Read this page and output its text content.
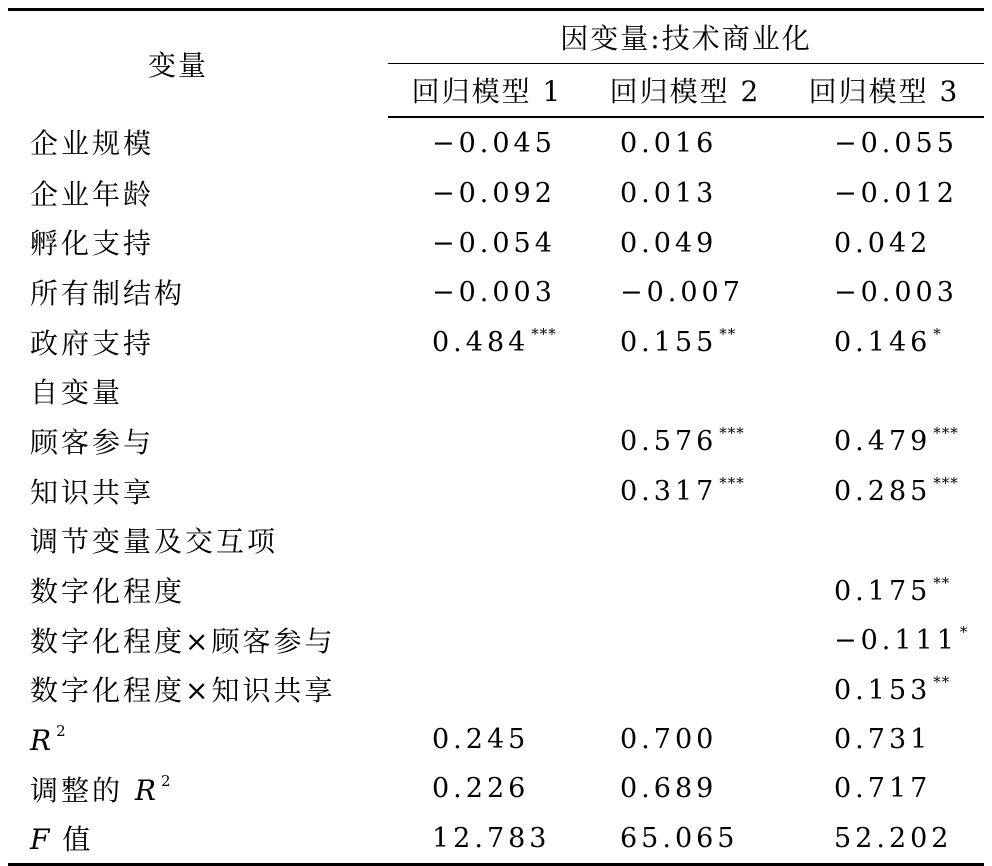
变量	因变量:技术商业化		
	回归模型 1	回归模型 2	回归模型 3
企业规模	−0.045	0.016	−0.055
企业年龄	−0.092	0.013	−0.012
孵化支持	−0.054	0.049	0.042
所有制结构	−0.003	−0.007	−0.003
政府支持	0.484 ***	0.155 **	0.146 *
自变量			
顾客参与		0.576 ***	0.479 ***
知识共享		0.317 ***	0.285 ***
调节变量及交互项			
数字化程度			0.175 **
数字化程度×顾客参与			−0.111 *
数字化程度×知识共享			0.153 **
R $^2$	0.245	0.700	0.731
调整的 R $^2$	0.226	0.689	0.717
F 值	12.783	65.065	52.202
